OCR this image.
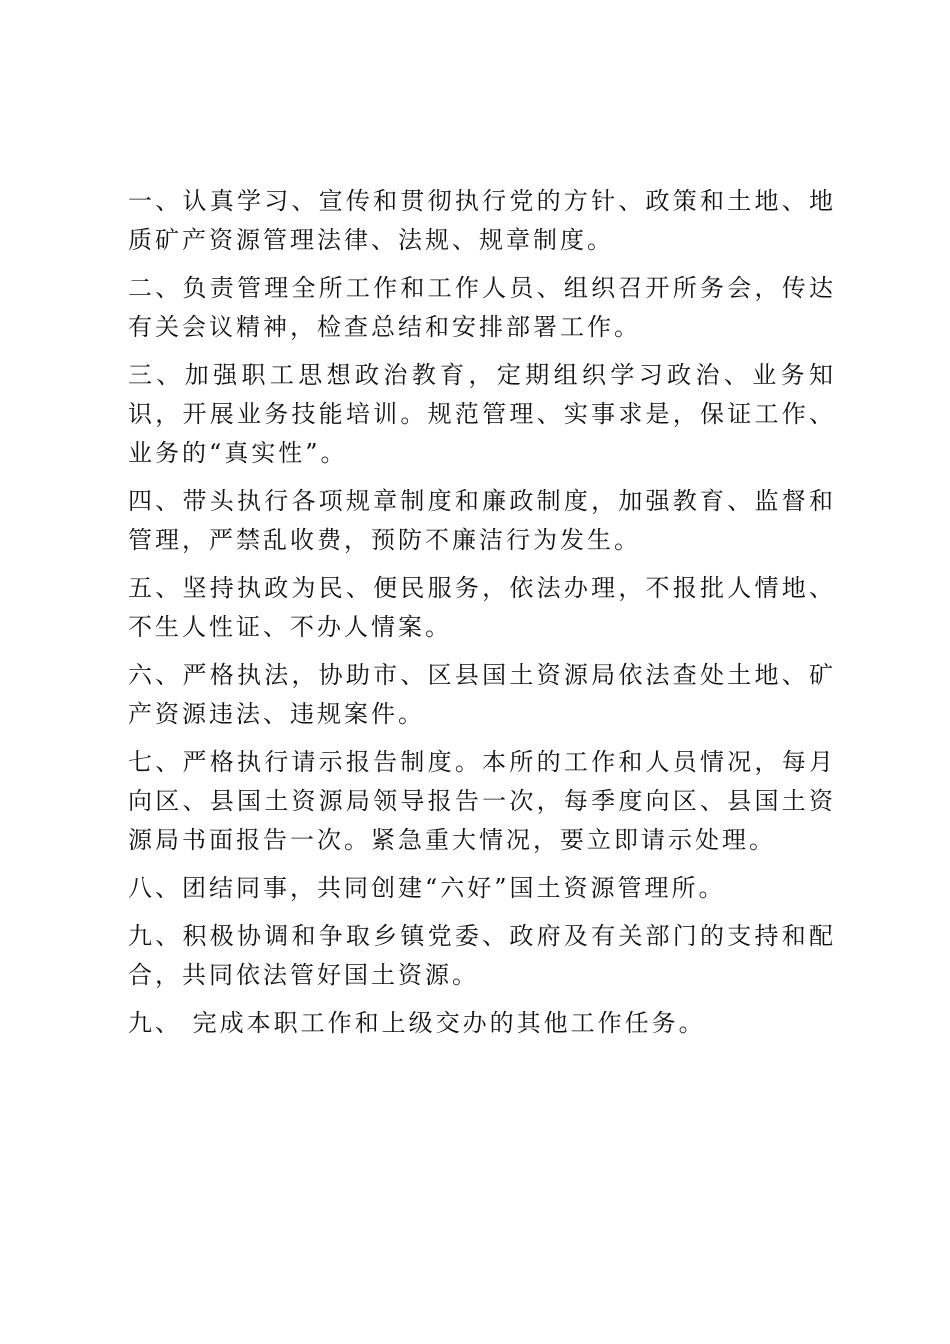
一、认真学习、宣传和贯彻执行党的方针、政策和土地、地质矿产资源管理法律、法规、规章制度。

二、负责管理全所工作和工作人员、组织召开所务会，传达有关会议精神，检查总结和安排部署工作。

三、加强职工思想政治教育，定期组织学习政治、业务知识，开展业务技能培训。规范管理、实事求是，保证工作、业务的“真实性”。

四、带头执行各项规章制度和廉政制度，加强教育、监督和管理，严禁乱收费，预防不廉洁行为发生。

五、坚持执政为民、便民服务，依法办理，不报批人情地、不生人性证、不办人情案。

六、严格执法，协助市、区县国土资源局依法查处土地、矿产资源违法、违规案件。

七、严格执行请示报告制度。本所的工作和人员情况，每月向区、县国土资源局领导报告一次，每季度向区、县国土资源局书面报告一次。紧急重大情况，要立即请示处理。

八、团结同事，共同创建“六好”国土资源管理所。

九、积极协调和争取乡镇党委、政府及有关部门的支持和配合，共同依法管好国土资源。

九、 完成本职工作和上级交办的其他工作任务。
